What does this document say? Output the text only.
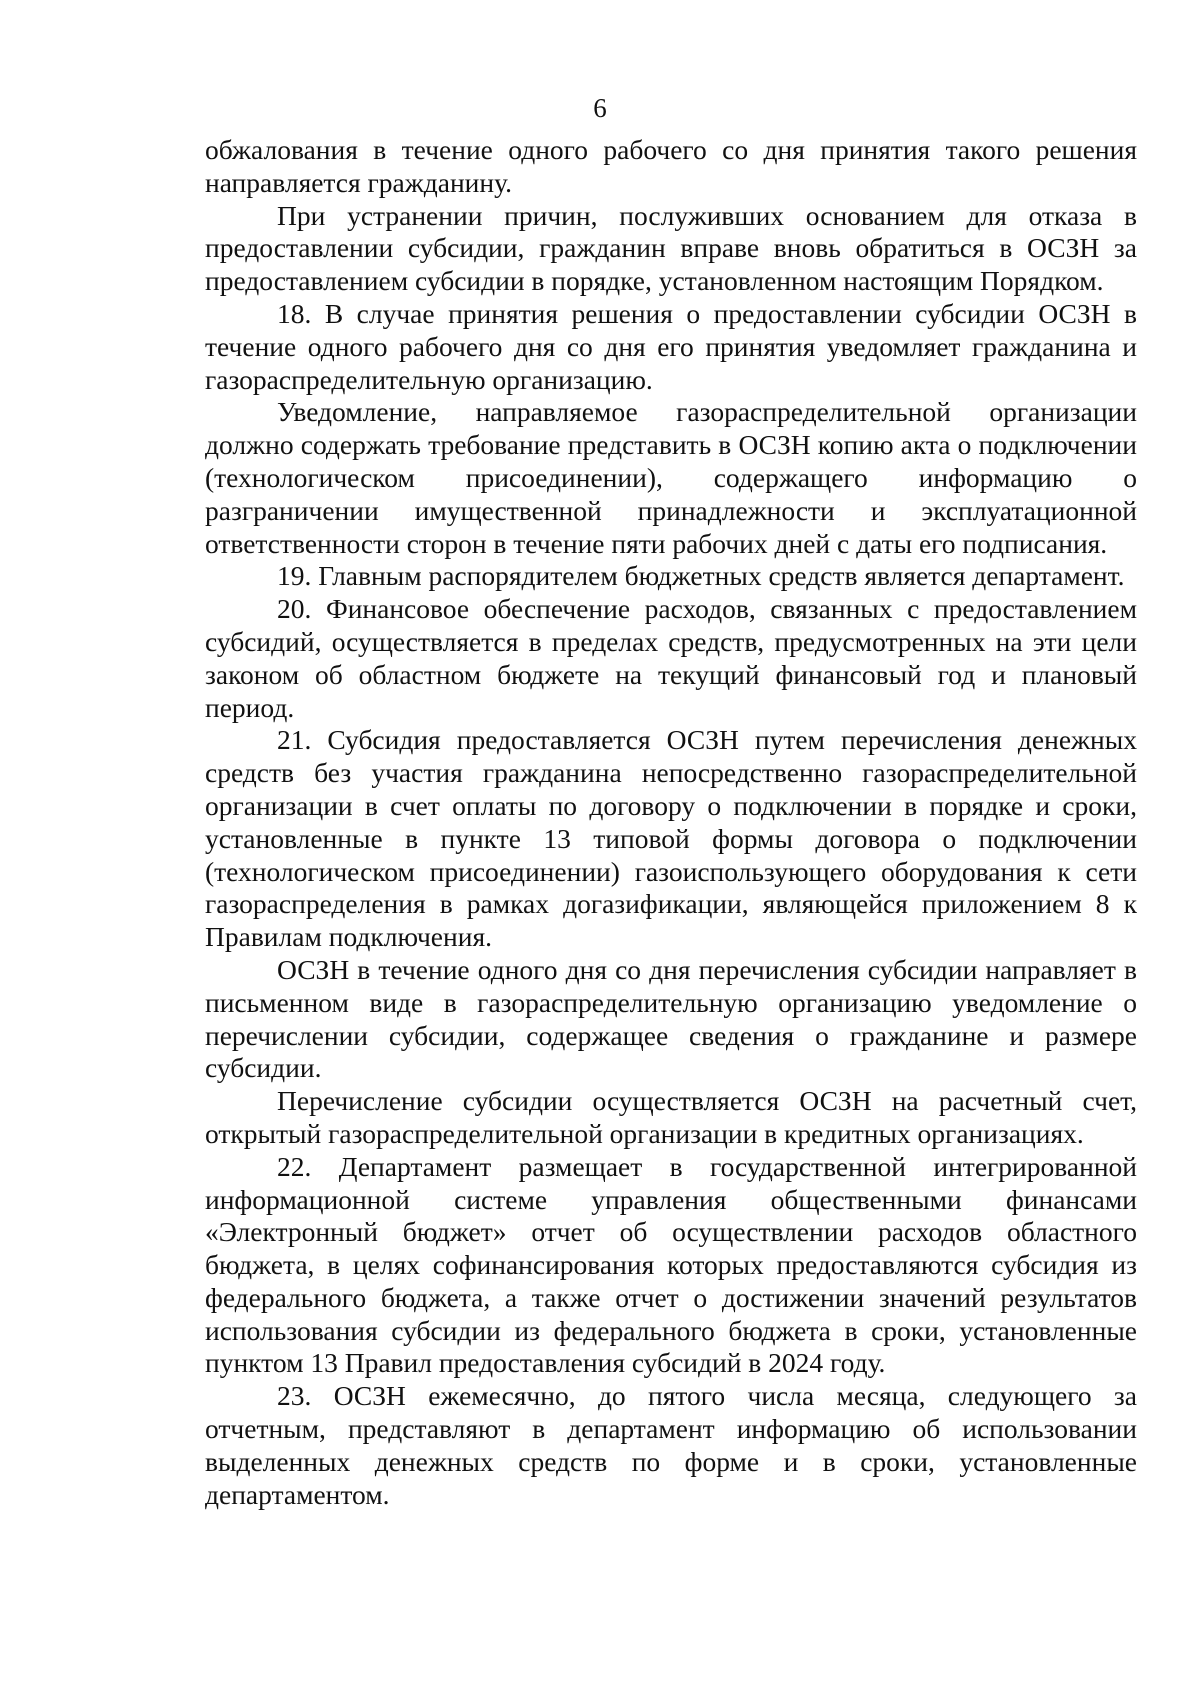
6

обжалования в течение одного рабочего со дня принятия такого решения направляется гражданину.

При устранении причин, послуживших основанием для отказа в предоставлении субсидии, гражданин вправе вновь обратиться в ОСЗН за предоставлением субсидии в порядке, установленном настоящим Порядком.

18. В случае принятия решения о предоставлении субсидии ОСЗН в течение одного рабочего дня со дня его принятия уведомляет гражданина и газораспределительную организацию.

Уведомление, направляемое газораспределительной организации должно содержать требование представить в ОСЗН копию акта о подключении (технологическом присоединении), содержащего информацию о разграничении имущественной принадлежности и эксплуатационной ответственности сторон в течение пяти рабочих дней с даты его подписания.

19. Главным распорядителем бюджетных средств является департамент.

20. Финансовое обеспечение расходов, связанных с предоставлением субсидий, осуществляется в пределах средств, предусмотренных на эти цели законом об областном бюджете на текущий финансовый год и плановый период.

21. Субсидия предоставляется ОСЗН путем перечисления денежных средств без участия гражданина непосредственно газораспределительной организации в счет оплаты по договору о подключении в порядке и сроки, установленные в пункте 13 типовой формы договора о подключении (технологическом присоединении) газоиспользующего оборудования к сети газораспределения в рамках догазификации, являющейся приложением 8 к Правилам подключения.

ОСЗН в течение одного дня со дня перечисления субсидии направляет в письменном виде в газораспределительную организацию уведомление о перечислении субсидии, содержащее сведения о гражданине и размере субсидии.

Перечисление субсидии осуществляется ОСЗН на расчетный счет, открытый газораспределительной организации в кредитных организациях.

22. Департамент размещает в государственной интегрированной информационной системе управления общественными финансами «Электронный бюджет» отчет об осуществлении расходов областного бюджета, в целях софинансирования которых предоставляются субсидия из федерального бюджета, а также отчет о достижении значений результатов использования субсидии из федерального бюджета в сроки, установленные пунктом 13 Правил предоставления субсидий в 2024 году.

23. ОСЗН ежемесячно, до пятого числа месяца, следующего за отчетным, представляют в департамент информацию об использовании выделенных денежных средств по форме и в сроки, установленные департаментом.
